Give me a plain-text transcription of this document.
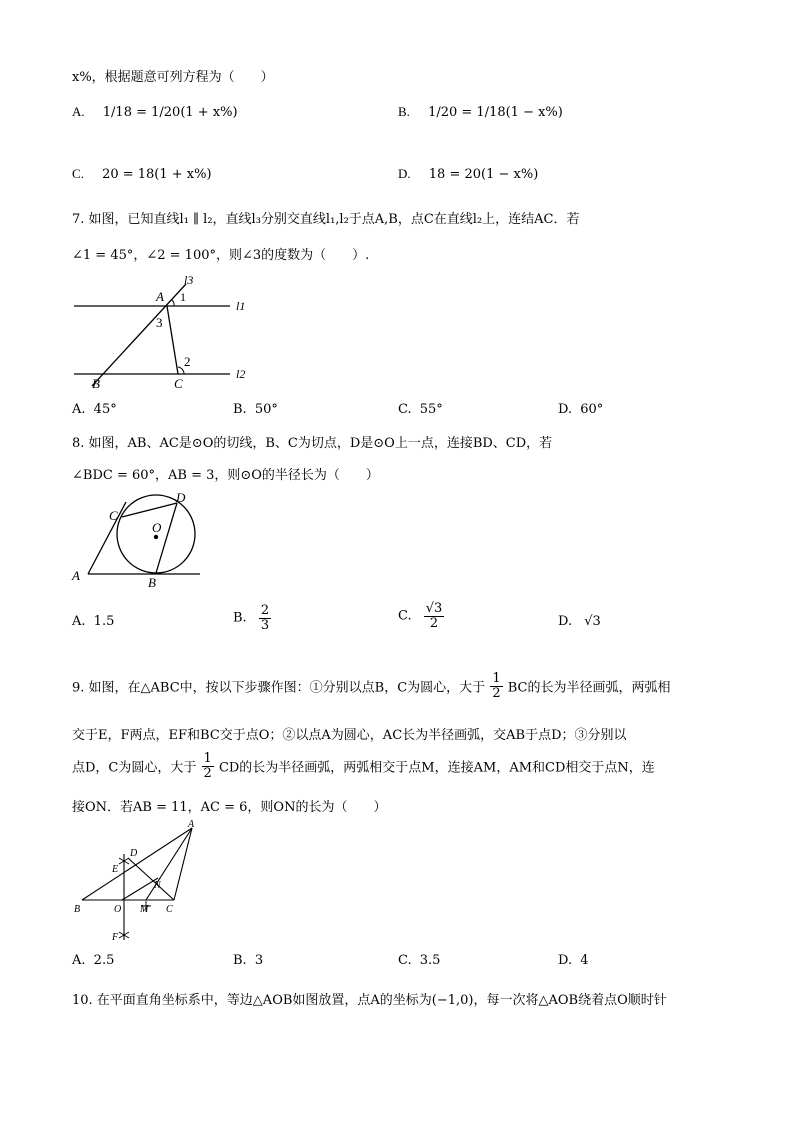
x%，根据题意可列方程为（　　）
A. 1/18 = 1/20(1 + x%)	B. 1/20 = 1/18(1 − x%)
C. 20 = 18(1 + x%)	D. 18 = 20(1 − x%)
7. 如图，已知直线l₁ ∥ l₂，直线l₃分别交直线l₁,l₂于点A,B，点C在直线l₂上，连结AC．若
∠1 = 45°，∠2 = 100°，则∠3的度数为（　　）.
l3
l1
l2
A 1
3
2
B	C
A. 45°	B. 50°	C. 55°	D. 60°
8. 如图，AB、AC是⊙O的切线，B、C为切点，D是⊙O上一点，连接BD、CD，若
∠BDC = 60°，AB = 3，则⊙O的半径长为（　　）
A	B
C
D
O
A. 1.5	B. $\frac{2}{3}$	C. $\frac{√3}{2}$	D. √3
9. 如图，在△ABC中，按以下步骤作图：①分别以点B，C为圆心，大于 $\frac{1}{2}$ BC的长为半径画弧，两弧相
交于E，F两点，EF和BC交于点O；②以点A为圆心，AC长为半径画弧，交AB于点D；③分别以
点D，C为圆心，大于 $\frac{1}{2}$ CD的长为半径画弧，两弧相交于点M，连接AM，AM和CD相交于点N，连
接ON．若AB = 11，AC = 6，则ON的长为（　　）
A
B	C
D
E
F
M
N
O
A. 2.5	B. 3	C. 3.5	D. 4
10. 在平面直角坐标系中，等边△AOB如图放置，点A的坐标为(−1,0)，每一次将△AOB绕着点O顺时针
